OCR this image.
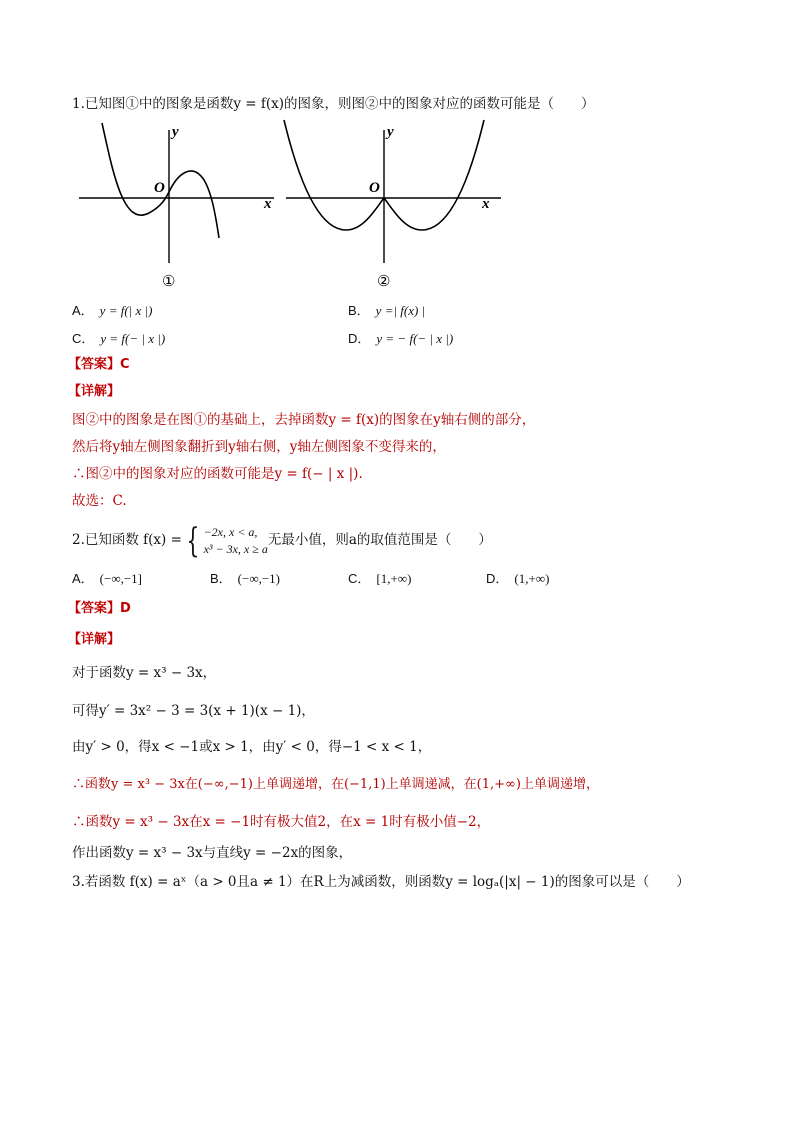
1.已知图①中的图象是函数y = f(x)的图象，则图②中的图象对应的函数可能是（　　）
y
x
O
①
y
x
O
②
A． y = f(| x |)	B． y =| f(x) |
C． y = f(− | x |)	D． y = − f(− | x |)
【答案】C
【详解】
图②中的图象是在图①的基础上，去掉函数y = f(x)的图象在y轴右侧的部分，
然后将y轴左侧图象翻折到y轴右侧，y轴左侧图象不变得来的，
∴图②中的图象对应的函数可能是y = f(− | x |).
故选：C.
2.已知函数 f(x) = { −2x, x < a,
x³ − 3x, x ≥ a
无最小值，则a的取值范围是（　　）
A． (−∞,−1]	B． (−∞,−1)	C． [1,+∞)	D． (1,+∞)
【答案】D
【详解】
对于函数y = x³ − 3x，
可得y′ = 3x² − 3 = 3(x + 1)(x − 1)，
由y′ > 0，得x < −1或x > 1，由y′ < 0，得−1 < x < 1，
∴函数y = x³ − 3x在(−∞,−1)上单调递增，在(−1,1)上单调递减，在(1,+∞)上单调递增，
∴函数y = x³ − 3x在x = −1时有极大值2，在x = 1时有极小值−2，
作出函数y = x³ − 3x与直线y = −2x的图象，
3.若函数 f(x) = aˣ（a > 0且a ≠ 1）在R上为减函数，则函数y = logₐ(|x| − 1)的图象可以是（　　）
